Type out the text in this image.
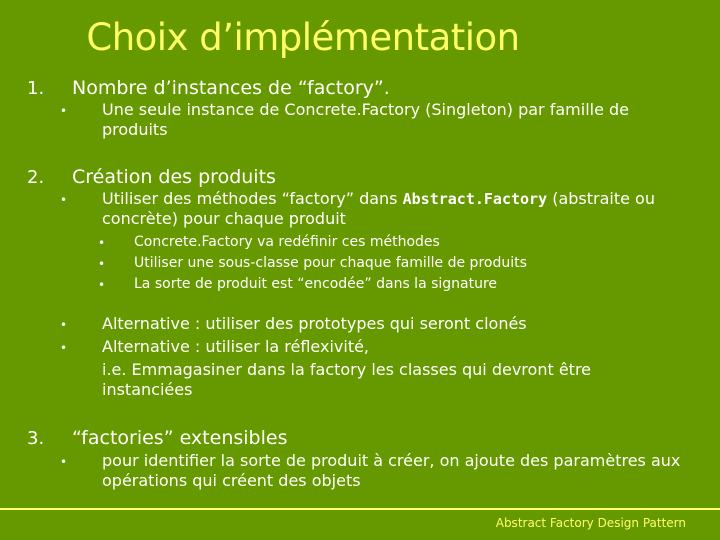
Choix d’implémentation
1. Nombre d’instances de “factory”.
• Une seule instance de Concrete.Factory (Singleton) par famille de produits
2. Création des produits
• Utiliser des méthodes “factory” dans Abstract.Factory (abstraite ou concrète) pour chaque produit
• Concrete.Factory va redéfinir ces méthodes
• Utiliser une sous-classe pour chaque famille de produits
• La sorte de produit est “encodée” dans la signature
• Alternative : utiliser des prototypes qui seront clonés
• Alternative : utiliser la réflexivité,
i.e. Emmagasiner dans la factory les classes qui devront être instanciées
3. “factories” extensibles
• pour identifier la sorte de produit à créer, on ajoute des paramètres aux opérations qui créent des objets
Abstract Factory Design Pattern
